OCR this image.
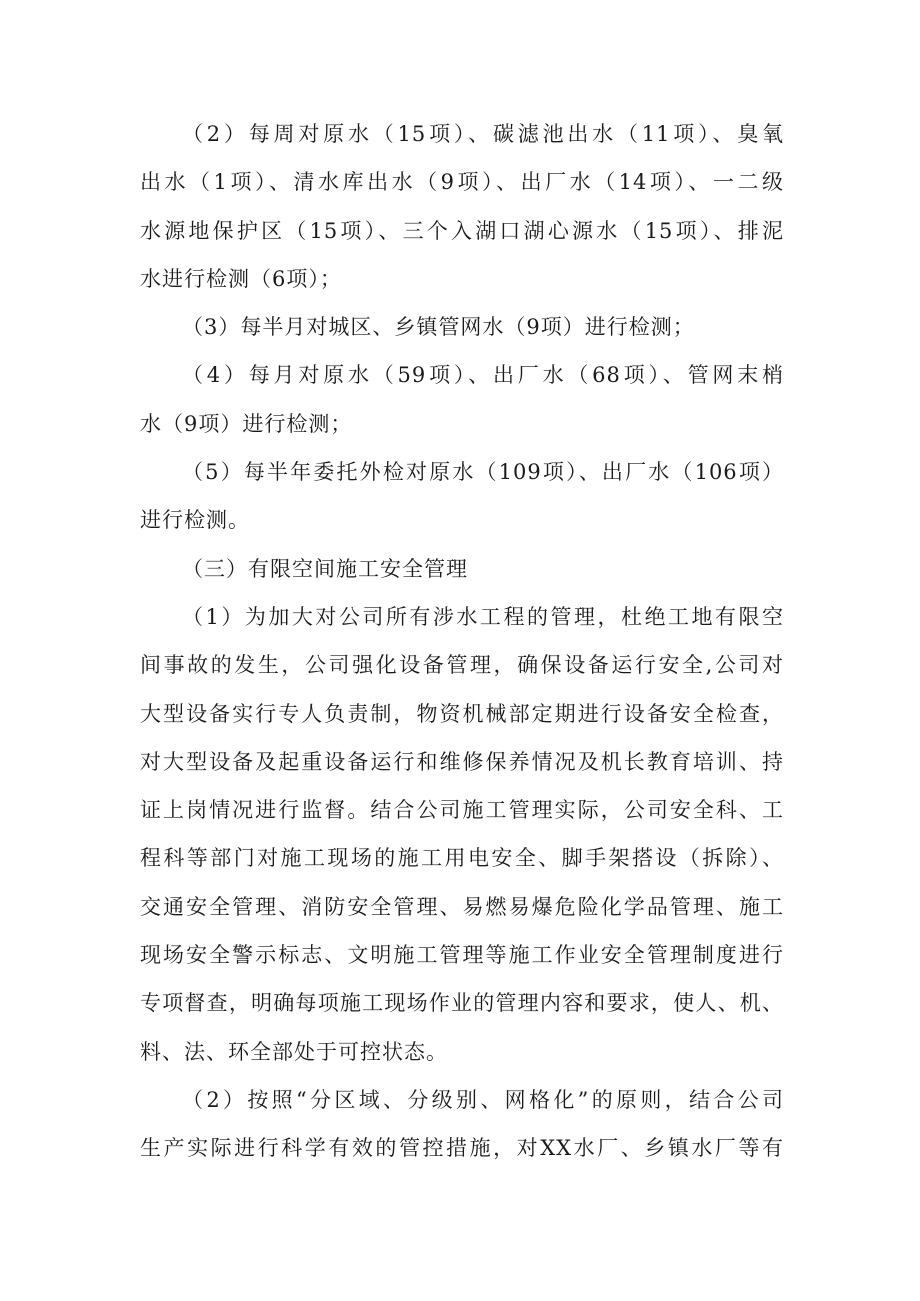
（2）每周对原水（15项）、碳滤池出水（11项）、臭氧
出水（1项）、清水库出水（9项）、出厂水（14项）、一二级
水源地保护区（15项）、三个入湖口湖心源水（15项）、排泥
水进行检测（6项）；

（3）每半月对城区、乡镇管网水（9项）进行检测；

（4）每月对原水（59项）、出厂水（68项）、管网末梢
水（9项）进行检测；

（5）每半年委托外检对原水（109项）、出厂水（106项）
进行检测。

（三）有限空间施工安全管理

（1）为加大对公司所有涉水工程的管理，杜绝工地有限空
间事故的发生，公司强化设备管理，确保设备运行安全,公司对
大型设备实行专人负责制，物资机械部定期进行设备安全检查，
对大型设备及起重设备运行和维修保养情况及机长教育培训、持
证上岗情况进行监督。结合公司施工管理实际，公司安全科、工
程科等部门对施工现场的施工用电安全、脚手架搭设（拆除）、
交通安全管理、消防安全管理、易燃易爆危险化学品管理、施工
现场安全警示标志、文明施工管理等施工作业安全管理制度进行
专项督查，明确每项施工现场作业的管理内容和要求，使人、机、
料、法、环全部处于可控状态。

（2）按照“分区域、分级别、网格化”的原则，结合公司
生产实际进行科学有效的管控措施，对XX水厂、乡镇水厂等有
